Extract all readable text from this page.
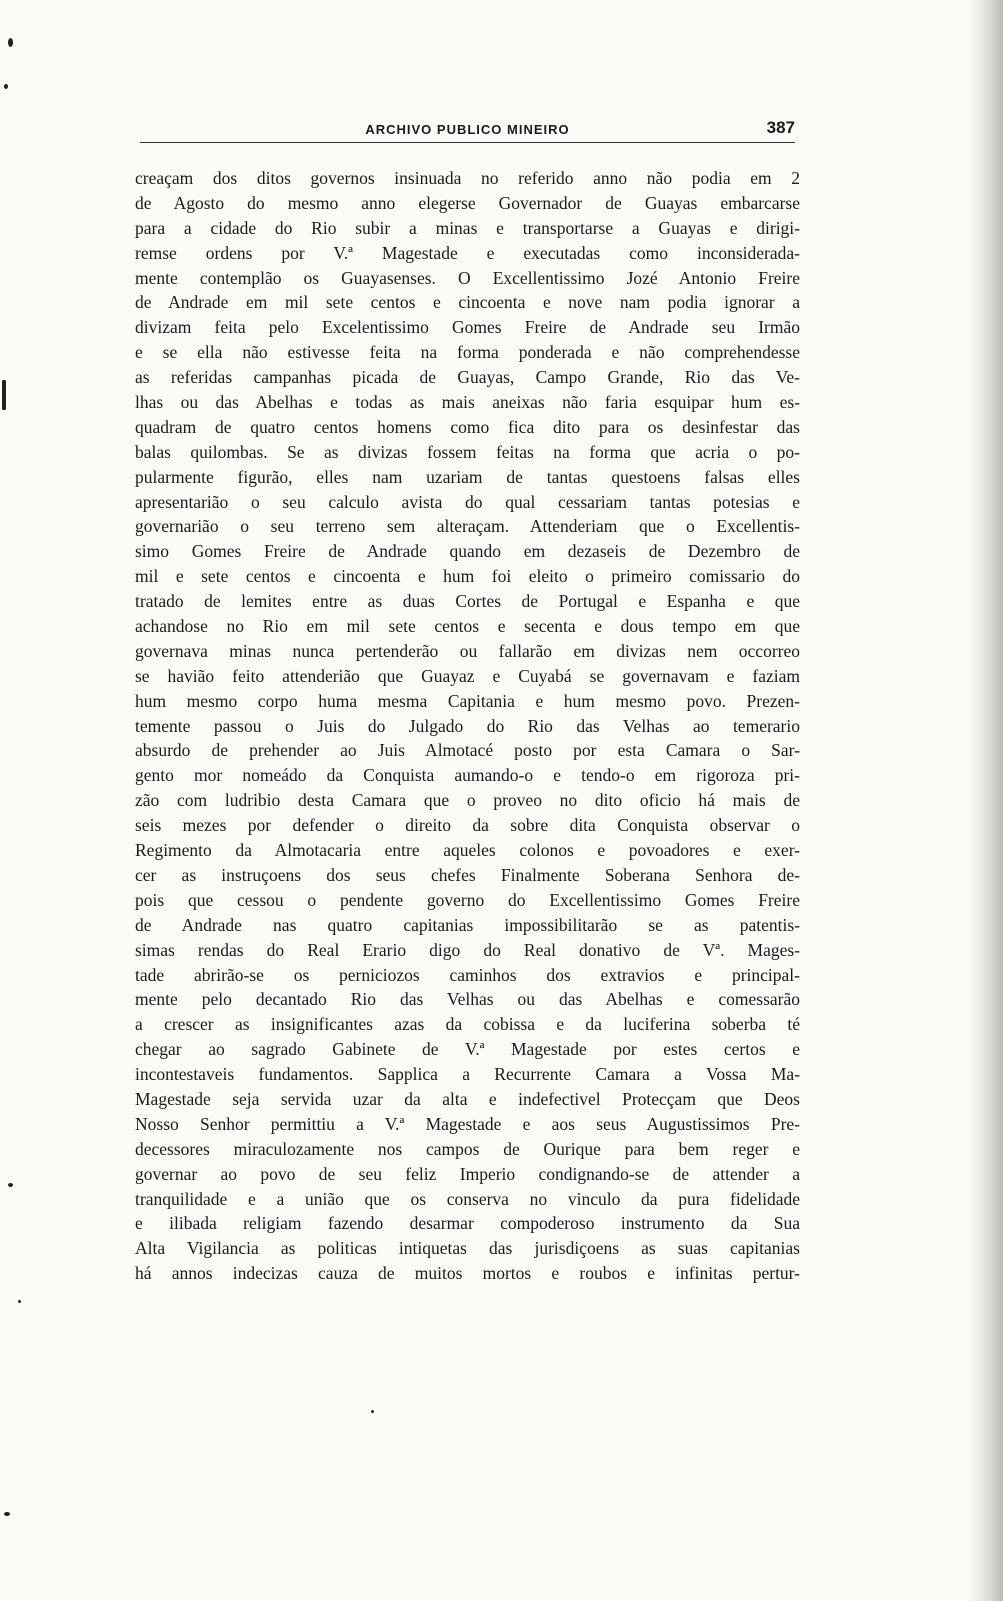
ARCHIVO PUBLICO MINEIRO	387
creaçam dos ditos governos insinuada no referido anno não podia em 2
de Agosto do mesmo anno elegerse Governador de Guayas embarcarse
para a cidade do Rio subir a minas e transportarse a Guayas e dirigi-
remse ordens por V.ª Magestade e executadas como inconsiderada-
mente contemplão os Guayasenses. O Excellentissimo Jozé Antonio Freire
de Andrade em mil sete centos e cincoenta e nove nam podia ignorar a
divizam feita pelo Excelentissimo Gomes Freire de Andrade seu Irmão
e se ella não estivesse feita na forma ponderada e não comprehendesse
as referidas campanhas picada de Guayas, Campo Grande, Rio das Ve-
lhas ou das Abelhas e todas as mais aneixas não faria esquipar hum es-
quadram de quatro centos homens como fica dito para os desinfestar das
balas quilombas. Se as divizas fossem feitas na forma que acria o po-
pularmente figurão, elles nam uzariam de tantas questoens falsas elles
apresentarião o seu calculo avista do qual cessariam tantas potesias e
governarião o seu terreno sem alteraçam. Attenderiam que o Excellentis-
simo Gomes Freire de Andrade quando em dezaseis de Dezembro de
mil e sete centos e cincoenta e hum foi eleito o primeiro comissario do
tratado de lemites entre as duas Cortes de Portugal e Espanha e que
achandose no Rio em mil sete centos e secenta e dous tempo em que
governava minas nunca pertenderão ou fallarão em divizas nem occorreo
se havião feito attenderião que Guayaz e Cuyabá se governavam e faziam
hum mesmo corpo huma mesma Capitania e hum mesmo povo. Prezen-
temente passou o Juis do Julgado do Rio das Velhas ao temerario
absurdo de prehender ao Juis Almotacé posto por esta Camara o Sar-
gento mor nomeádo da Conquista aumando-o e tendo-o em rigoroza pri-
zão com ludribio desta Camara que o proveo no dito oficio há mais de
seis mezes por defender o direito da sobre dita Conquista observar o
Regimento da Almotacaria entre aqueles colonos e povoadores e exer-
cer as instruçoens dos seus chefes Finalmente Soberana Senhora de-
pois que cessou o pendente governo do Excellentissimo Gomes Freire
de Andrade nas quatro capitanias impossibilitarão se as patentis-
simas rendas do Real Erario digo do Real donativo de Vª. Mages-
tade abrirão-se os perniciozos caminhos dos extravios e principal-
mente pelo decantado Rio das Velhas ou das Abelhas e comessarão
a crescer as insignificantes azas da cobissa e da luciferina soberba té
chegar ao sagrado Gabinete de V.ª Magestade por estes certos e
incontestaveis fundamentos. Sapplica a Recurrente Camara a Vossa Ma-
Magestade seja servida uzar da alta e indefectivel Protecçam que Deos
Nosso Senhor permittiu a V.ª Magestade e aos seus Augustissimos Pre-
decessores miraculozamente nos campos de Ourique para bem reger e
governar ao povo de seu feliz Imperio condignando-se de attender a
tranquilidade e a união que os conserva no vinculo da pura fidelidade
e ilibada religiam fazendo desarmar compoderoso instrumento da Sua
Alta Vigilancia as politicas intiquetas das jurisdiçoens as suas capitanias
há annos indecizas cauza de muitos mortos e roubos e infinitas pertur-
